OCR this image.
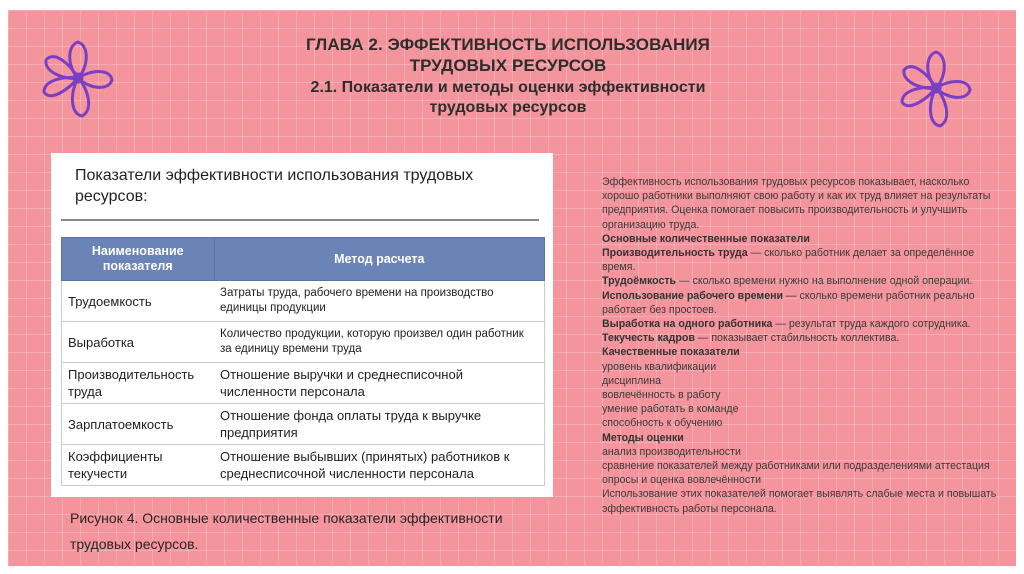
ГЛАВА 2. ЭФФЕКТИВНОСТЬ ИСПОЛЬЗОВАНИЯ
ТРУДОВЫХ РЕСУРСОВ
2.1. Показатели и методы оценки эффективности
трудовых ресурсов
Показатели эффективности использования трудовых
ресурсов:
Наименование показателя	Метод расчета
Трудоемкость	Затраты труда, рабочего времени на производство единицы продукции
Выработка	Количество продукции, которую произвел один работник за единицу времени труда
Производительность труда	Отношение выручки и среднесписочной численности персонала
Зарплатоемкость	Отношение фонда оплаты труда к выручке предприятия
Коэффициенты текучести	Отношение выбывших (принятых) работников к среднесписочной численности персонала
Рисунок 4. Основные количественные показатели эффективности
трудовых ресурсов.
Эффективность использования трудовых ресурсов показывает, насколько хорошо работники выполняют свою работу и как их труд влияет на результаты предприятия. Оценка помогает повысить производительность и улучшить организацию труда.
Основные количественные показатели
Производительность труда — сколько работник делает за определённое время.
Трудоёмкость — сколько времени нужно на выполнение одной операции.
Использование рабочего времени — сколько времени работник реально работает без простоев.
Выработка на одного работника — результат труда каждого сотрудника.
Текучесть кадров — показывает стабильность коллектива.
Качественные показатели
уровень квалификации
дисциплина
вовлечённость в работу
умение работать в команде
способность к обучению
Методы оценки
анализ производительности
сравнение показателей между работниками или подразделениями аттестация
опросы и оценка вовлечённости
Использование этих показателей помогает выявлять слабые места и повышать эффективность работы персонала.
